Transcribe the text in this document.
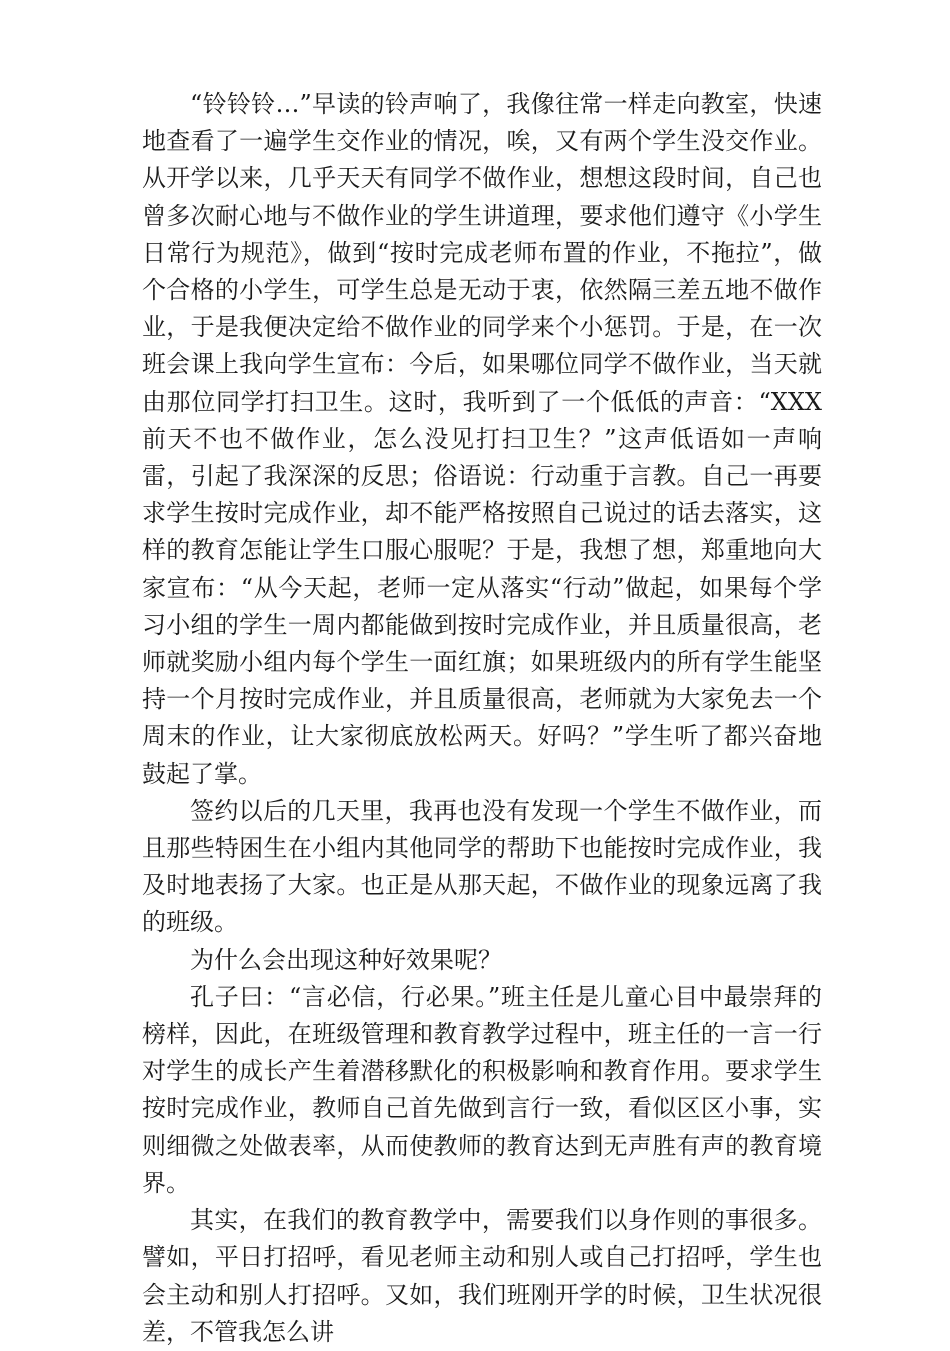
“铃铃铃…”早读的铃声响了，我像往常一样走向教室，快速地查看了一遍学生交作业的情况，唉，又有两个学生没交作业。从开学以来，几乎天天有同学不做作业，想想这段时间，自己也曾多次耐心地与不做作业的学生讲道理，要求他们遵守《小学生日常行为规范》，做到“按时完成老师布置的作业，不拖拉”，做个合格的小学生，可学生总是无动于衷，依然隔三差五地不做作业，于是我便决定给不做作业的同学来个小惩罚。于是，在一次班会课上我向学生宣布：今后，如果哪位同学不做作业，当天就由那位同学打扫卫生。这时，我听到了一个低低的声音：“XXX前天不也不做作业，怎么没见打扫卫生？”这声低语如一声响雷，引起了我深深的反思；俗语说：行动重于言教。自己一再要求学生按时完成作业，却不能严格按照自己说过的话去落实，这样的教育怎能让学生口服心服呢？于是，我想了想，郑重地向大家宣布：“从今天起，老师一定从落实“行动”做起，如果每个学习小组的学生一周内都能做到按时完成作业，并且质量很高，老师就奖励小组内每个学生一面红旗；如果班级内的所有学生能坚持一个月按时完成作业，并且质量很高，老师就为大家免去一个周末的作业，让大家彻底放松两天。好吗？”学生听了都兴奋地鼓起了掌。

签约以后的几天里，我再也没有发现一个学生不做作业，而且那些特困生在小组内其他同学的帮助下也能按时完成作业，我及时地表扬了大家。也正是从那天起，不做作业的现象远离了我的班级。

为什么会出现这种好效果呢？

孔子曰：“言必信，行必果。”班主任是儿童心目中最崇拜的榜样，因此，在班级管理和教育教学过程中，班主任的一言一行对学生的成长产生着潜移默化的积极影响和教育作用。要求学生按时完成作业，教师自己首先做到言行一致，看似区区小事，实则细微之处做表率，从而使教师的教育达到无声胜有声的教育境界。

其实，在我们的教育教学中，需要我们以身作则的事很多。譬如，平日打招呼，看见老师主动和别人或自己打招呼，学生也会主动和别人打招呼。又如，我们班刚开学的时候，卫生状况很差，不管我怎么讲
